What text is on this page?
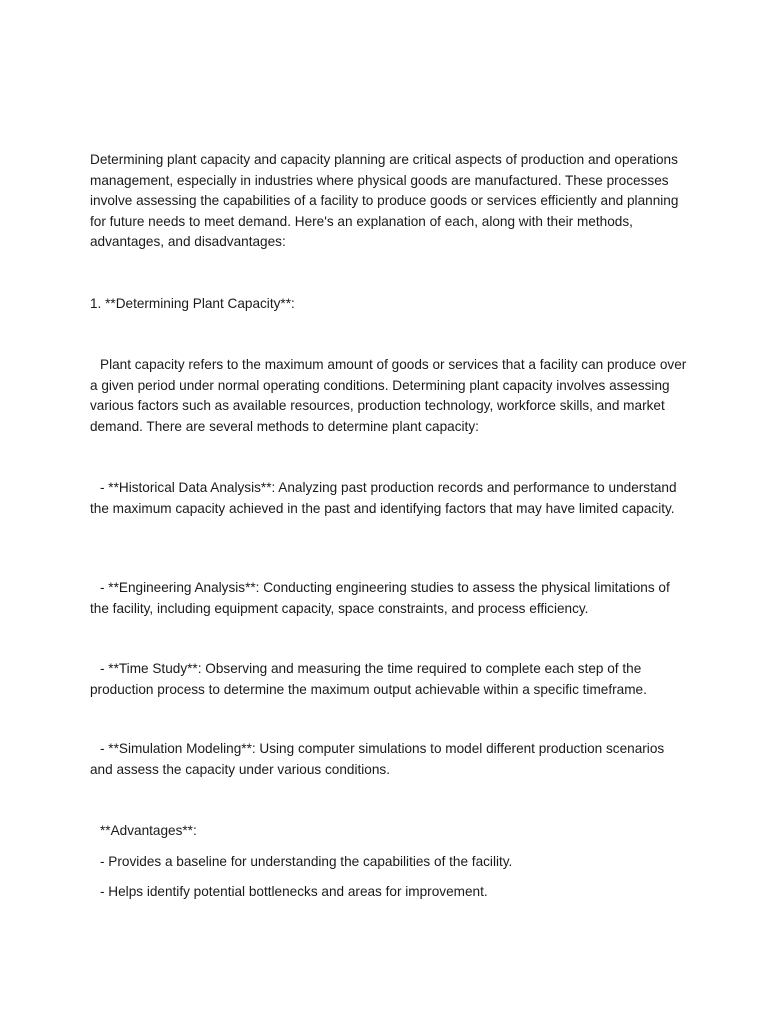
Determining plant capacity and capacity planning are critical aspects of production and operations management, especially in industries where physical goods are manufactured. These processes involve assessing the capabilities of a facility to produce goods or services efficiently and planning for future needs to meet demand. Here's an explanation of each, along with their methods, advantages, and disadvantages:

1. **Determining Plant Capacity**:

Plant capacity refers to the maximum amount of goods or services that a facility can produce over a given period under normal operating conditions. Determining plant capacity involves assessing various factors such as available resources, production technology, workforce skills, and market demand. There are several methods to determine plant capacity:

- **Historical Data Analysis**: Analyzing past production records and performance to understand the maximum capacity achieved in the past and identifying factors that may have limited capacity.

- **Engineering Analysis**: Conducting engineering studies to assess the physical limitations of the facility, including equipment capacity, space constraints, and process efficiency.

- **Time Study**: Observing and measuring the time required to complete each step of the production process to determine the maximum output achievable within a specific timeframe.

- **Simulation Modeling**: Using computer simulations to model different production scenarios and assess the capacity under various conditions.

**Advantages**:

- Provides a baseline for understanding the capabilities of the facility.

- Helps identify potential bottlenecks and areas for improvement.
